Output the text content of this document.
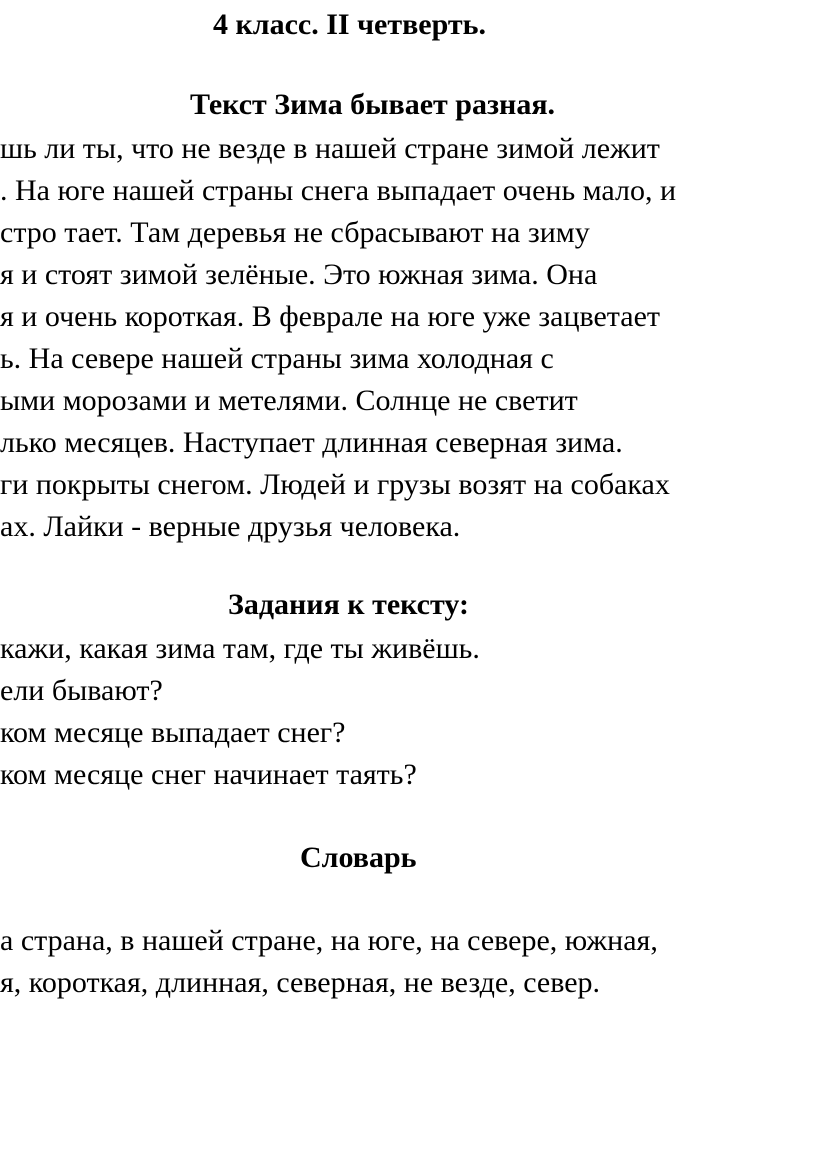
4 класс. II четверть.
Текст Зима бывает разная.
шь ли ты, что не везде в нашей стране зимой лежит
. На юге нашей страны снега выпадает очень мало, и
стро тает. Там деревья не сбрасывают на зиму
я и стоят зимой зелёные. Это южная зима. Она
я и очень короткая. В феврале на юге уже зацветает
ь. На севере нашей страны зима холодная с
ыми морозами и метелями. Солнце не светит
лько месяцев. Наступает длинная северная зима.
ги покрыты снегом. Людей и грузы возят на собаках
ах. Лайки - верные друзья человека.
Задания к тексту:
кажи, какая зима там, где ты живёшь.
ели бывают?
ком месяце выпадает снег?
ком месяце снег начинает таять?
Словарь
а страна, в нашей стране, на юге, на севере, южная,
я, короткая, длинная, северная, не везде, север.
